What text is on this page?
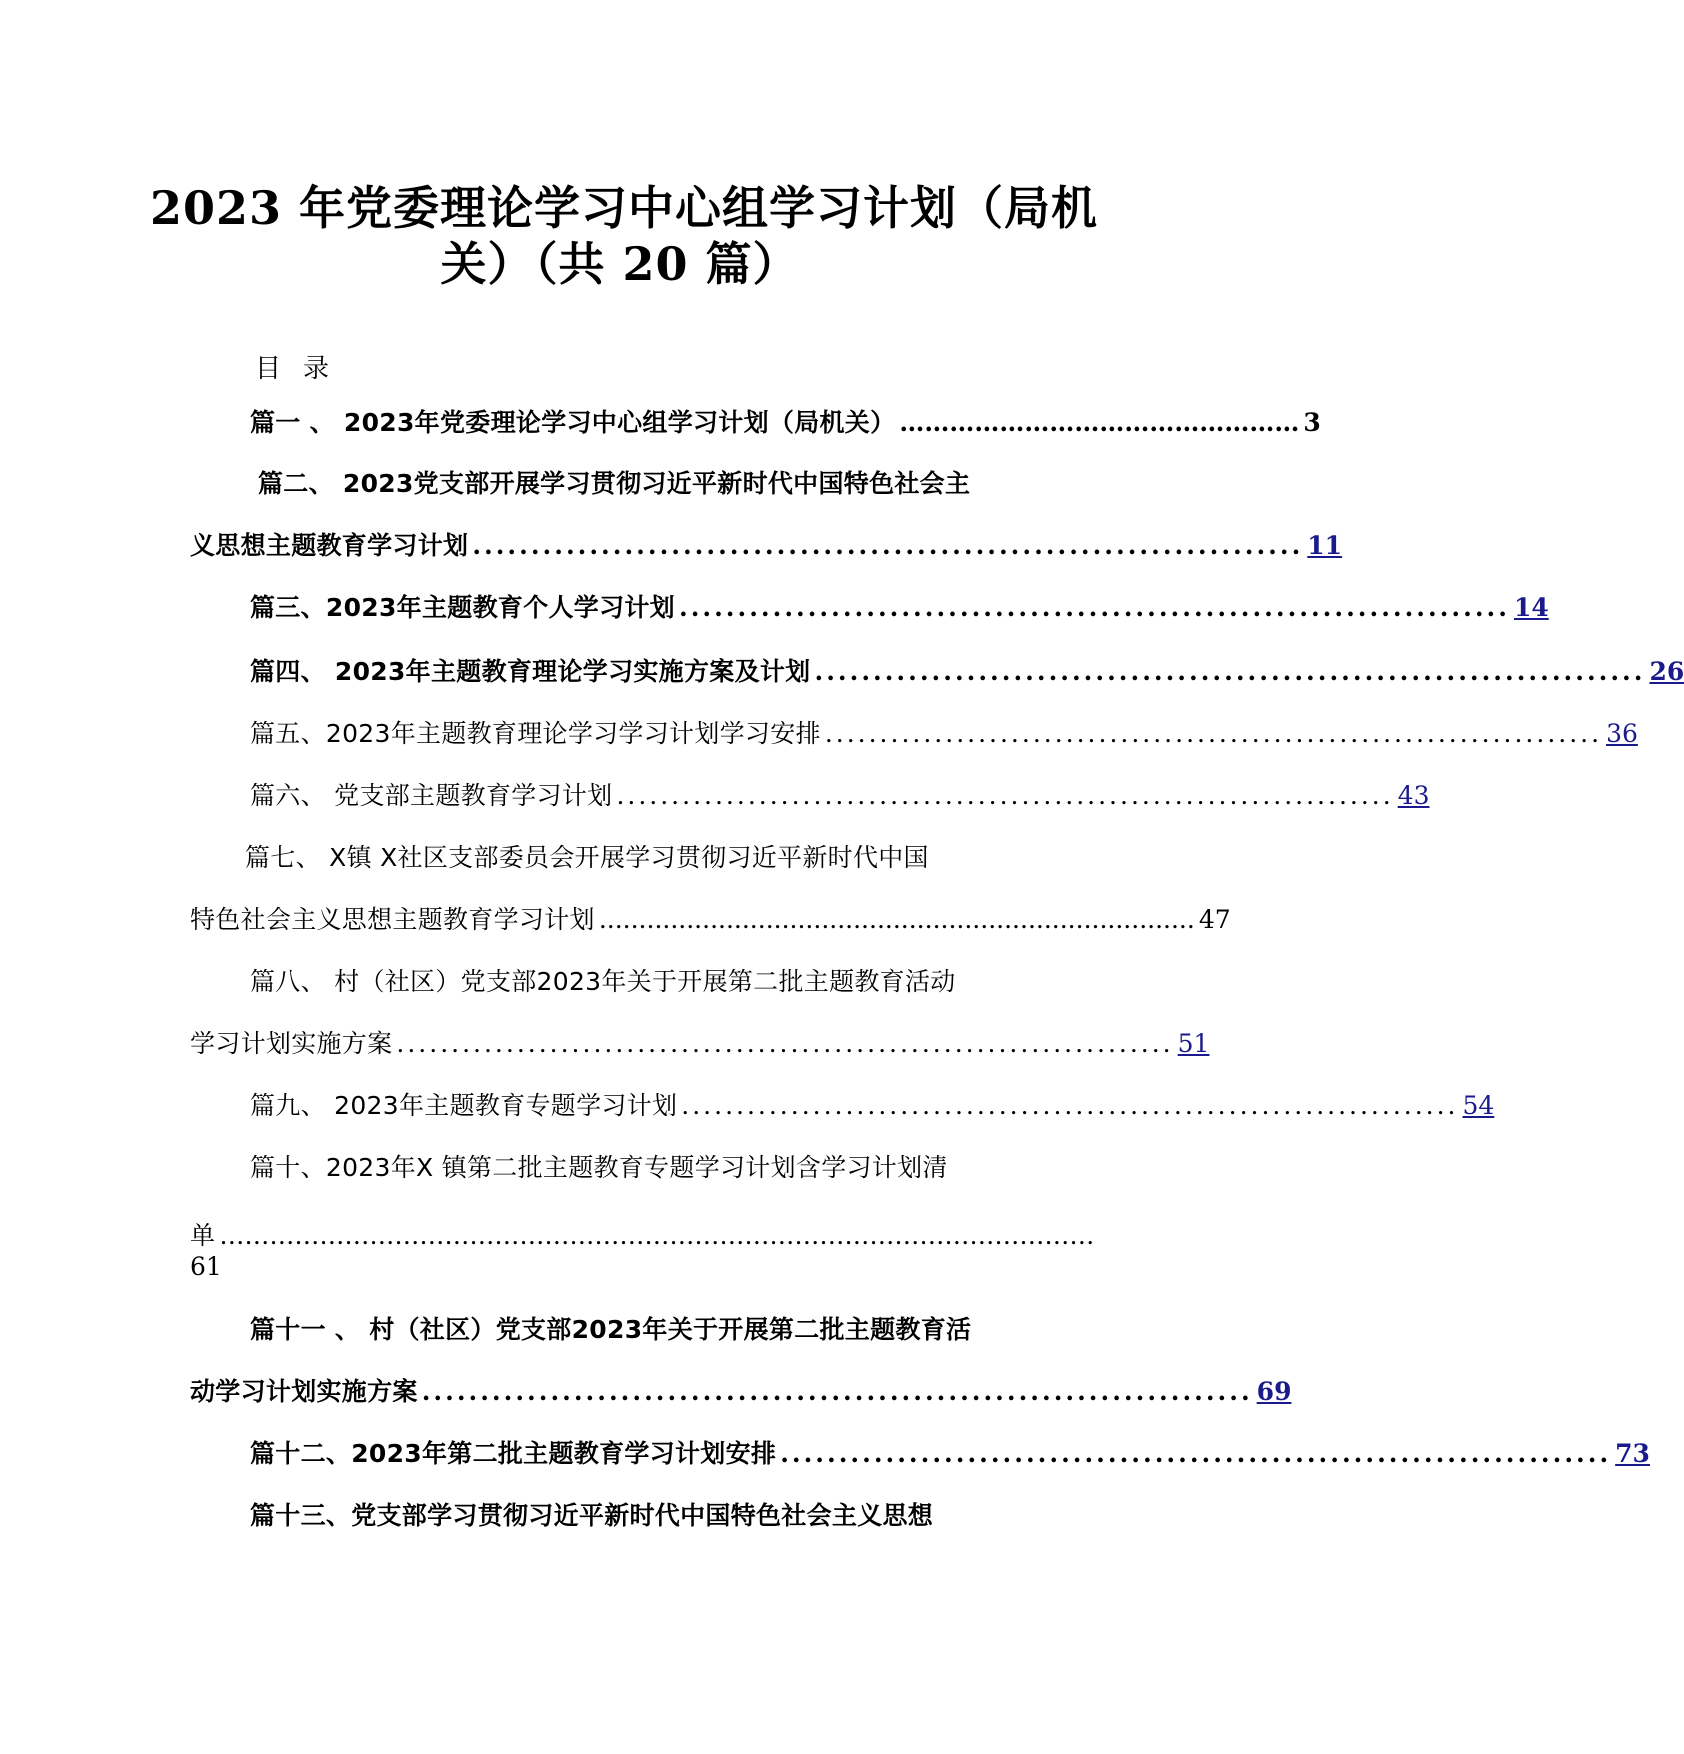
2023 年党委理论学习中心组学习计划（局机
关）（共 20 篇）
目录
篇一 、 2023年党委理论学习中心组学习计划（局机关） ………………………………………… 3
篇二、 2023党支部开展学习贯彻习近平新时代中国特色社会主
义思想主题教育学习计划 ....................................................................... 11
篇三、2023年主题教育个人学习计划 ....................................................................... 14
篇四、 2023年主题教育理论学习实施方案及计划 ....................................................................... 26
篇五、2023年主题教育理论学习学习计划学习安排 ....................................................................... 36
篇六、 党支部主题教育学习计划 ....................................................................... 43
篇七、 X镇 X社区支部委员会开展学习贯彻习近平新时代中国
特色社会主义思想主题教育学习计划 ........................................................................... 47
篇八、 村（社区）党支部2023年关于开展第二批主题教育活动
学习计划实施方案 ....................................................................... 51
篇九、 2023年主题教育专题学习计划 ....................................................................... 54
篇十、2023年X 镇第二批主题教育专题学习计划含学习计划清
单 ……………………………………………………………………………………………
61
篇十一 、 村（社区）党支部2023年关于开展第二批主题教育活
动学习计划实施方案 ....................................................................... 69
篇十二、2023年第二批主题教育学习计划安排 ....................................................................... 73
篇十三、党支部学习贯彻习近平新时代中国特色社会主义思想
